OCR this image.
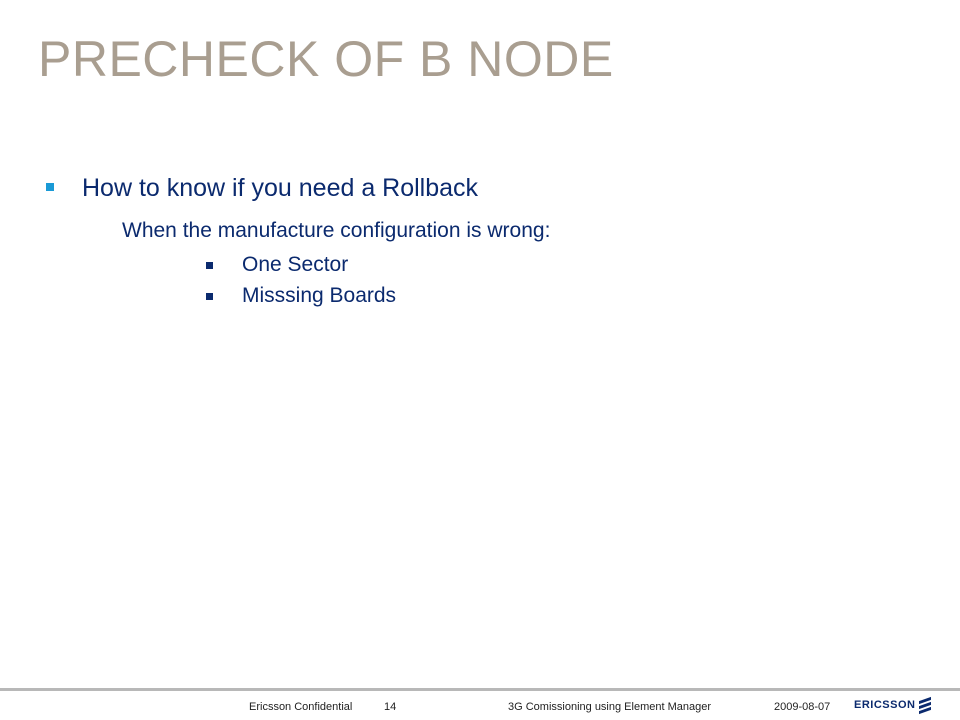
PRECHECK OF B NODE
How to know if you need a Rollback
When the manufacture configuration is wrong:
One Sector
Misssing Boards
Ericsson Confidential	14	3G Comissioning using Element Manager	2009-08-07 ERICSSON
